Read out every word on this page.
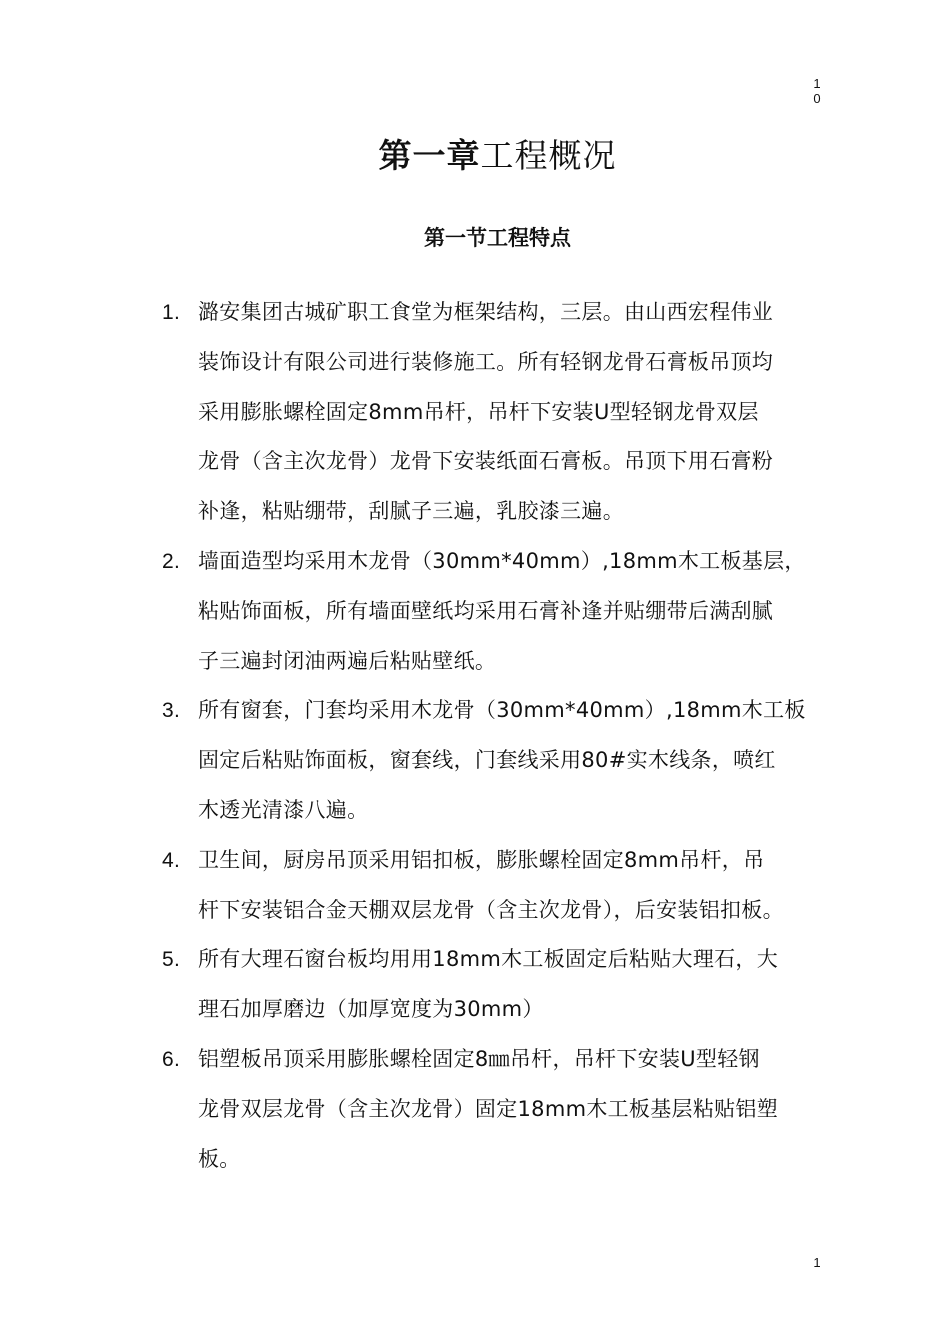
10
第一章工程概况
第一节工程特点
1. 潞安集团古城矿职工食堂为框架结构，三层。由山西宏程伟业
装饰设计有限公司进行装修施工。所有轻钢龙骨石膏板吊顶均
采用膨胀螺栓固定8mm吊杆，吊杆下安装U型轻钢龙骨双层
龙骨（含主次龙骨）龙骨下安装纸面石膏板。吊顶下用石膏粉
补逢，粘贴绷带，刮腻子三遍，乳胶漆三遍。
2. 墙面造型均采用木龙骨（30mm*40mm）,18mm木工板基层，
粘贴饰面板，所有墙面壁纸均采用石膏补逢并贴绷带后满刮腻
子三遍封闭油两遍后粘贴壁纸。
3. 所有窗套，门套均采用木龙骨（30mm*40mm）,18mm木工板
固定后粘贴饰面板，窗套线，门套线采用80#实木线条，喷红
木透光清漆八遍。
4. 卫生间，厨房吊顶采用铝扣板，膨胀螺栓固定8mm吊杆，吊
杆下安装铝合金天棚双层龙骨（含主次龙骨），后安装铝扣板。
5. 所有大理石窗台板均用用18mm木工板固定后粘贴大理石，大
理石加厚磨边（加厚宽度为30mm）
6. 铝塑板吊顶采用膨胀螺栓固定8㎜吊杆，吊杆下安装U型轻钢
龙骨双层龙骨（含主次龙骨）固定18mm木工板基层粘贴铝塑
板。
1
